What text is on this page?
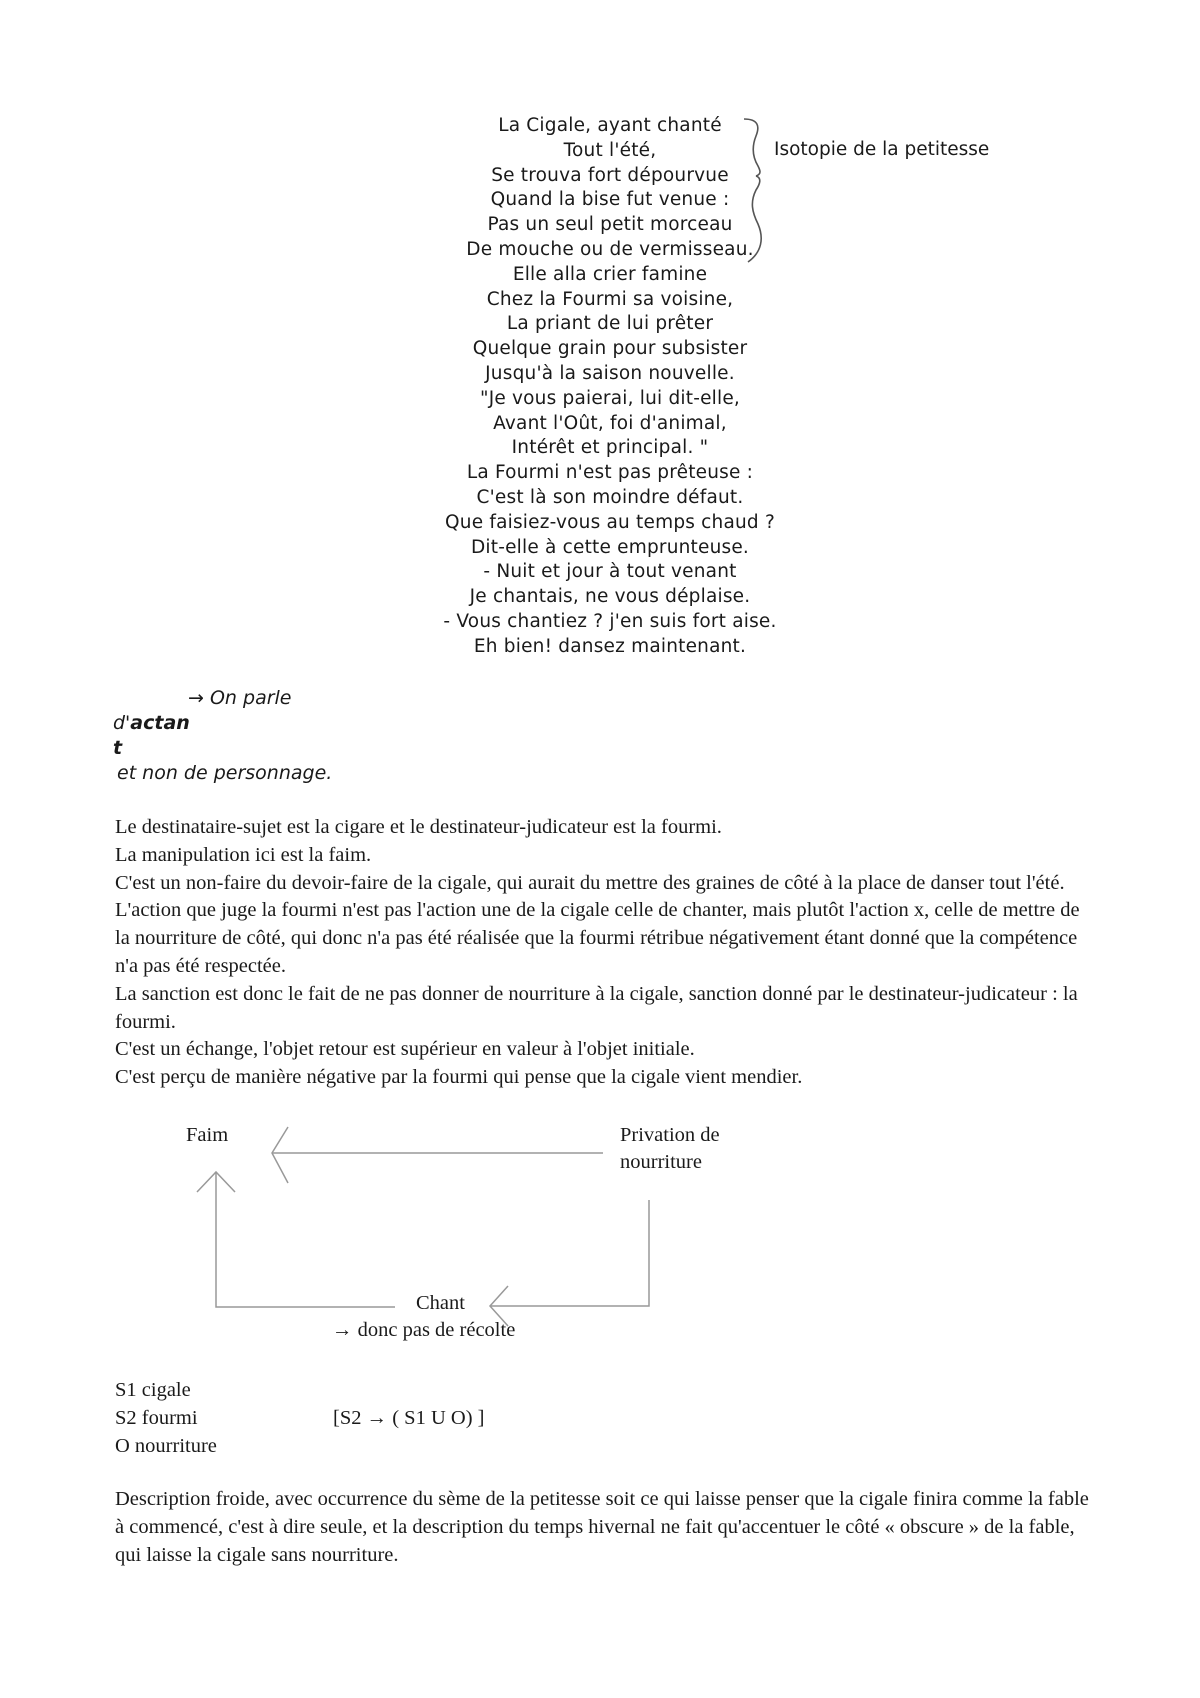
La Cigale, ayant chanté
Tout l'été,
Se trouva fort dépourvue
Quand la bise fut venue :
Pas un seul petit morceau
De mouche ou de vermisseau.
Elle alla crier famine
Chez la Fourmi sa voisine,
La priant de lui prêter
Quelque grain pour subsister
Jusqu'à la saison nouvelle.
"Je vous paierai, lui dit-elle,
Avant l'Oût, foi d'animal,
Intérêt et principal. "
La Fourmi n'est pas prêteuse :
C'est là son moindre défaut.
Que faisiez-vous au temps chaud ?
Dit-elle à cette emprunteuse.
- Nuit et jour à tout venant
Je chantais, ne vous déplaise.
- Vous chantiez ? j'en suis fort aise.
Eh bien! dansez maintenant.
Isotopie de la petitesse
→ On parle
d'actan
t
et non de personnage.

Le destinataire-sujet est la cigare et le destinateur-judicateur est la fourmi.

La manipulation ici est la faim.

C'est un non-faire du devoir-faire de la cigale, qui aurait du mettre des graines de côté à la place de danser tout l'été. L'action que juge la fourmi n'est pas l'action une de la cigale celle de chanter, mais plutôt l'action x, celle de mettre de la nourriture de côté, qui donc n'a pas été réalisée que la fourmi rétribue négativement étant donné que la compétence n'a pas été respectée.

La sanction est donc le fait de ne pas donner de nourriture à la cigale, sanction donné par le destinateur-judicateur : la fourmi.

C'est un échange, l'objet retour est supérieur en valeur à l'objet initiale.

C'est perçu de manière négative par la fourmi qui pense que la cigale vient mendier.

Faim	Privation de
nourriture
Chant
→ donc pas de récolte
S1 cigale
S2 fourmi
O nourriture
[S2 → ( S1 U O) ]
Description froide, avec occurrence du sème de la petitesse soit ce qui laisse penser que la cigale finira comme la fable à commencé, c'est à dire seule, et la description du temps hivernal ne fait qu'accentuer le côté « obscure » de la fable, qui laisse la cigale sans nourriture.
